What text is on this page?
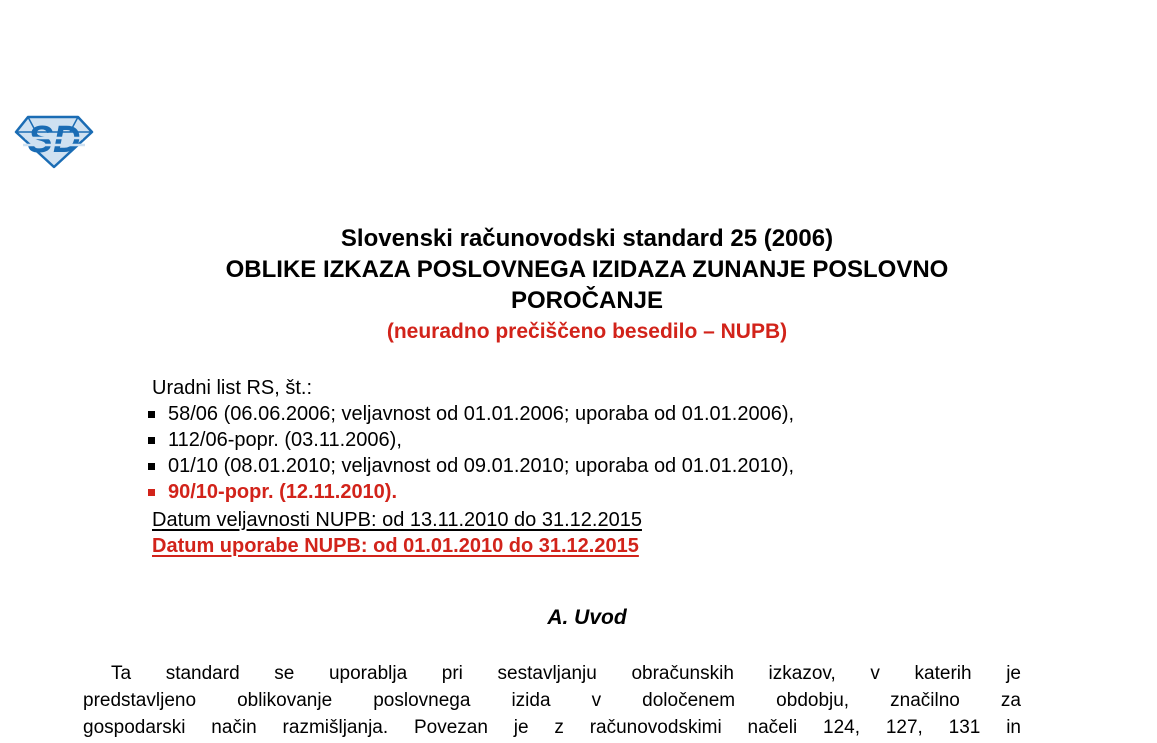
SD
Slovenski računovodski standard 25 (2006)
OBLIKE IZKAZA POSLOVNEGA IZIDAZA ZUNANJE POSLOVNO
POROČANJE
(neuradno prečiščeno besedilo – NUPB)
Uradni list RS, št.:
58/06 (06.06.2006; veljavnost od 01.01.2006; uporaba od 01.01.2006),
112/06-popr. (03.11.2006),
01/10 (08.01.2010; veljavnost od 09.01.2010; uporaba od 01.01.2010),
90/10-popr. (12.11.2010).
Datum veljavnosti NUPB: od 13.11.2010 do 31.12.2015
Datum uporabe NUPB: od 01.01.2010 do 31.12.2015
A. Uvod
Ta standard se uporablja pri sestavljanju obračunskih izkazov, v katerih je
predstavljeno oblikovanje poslovnega izida v določenem obdobju, značilno za
gospodarski način razmišljanja. Povezan je z računovodskimi načeli 124, 127, 131 in
